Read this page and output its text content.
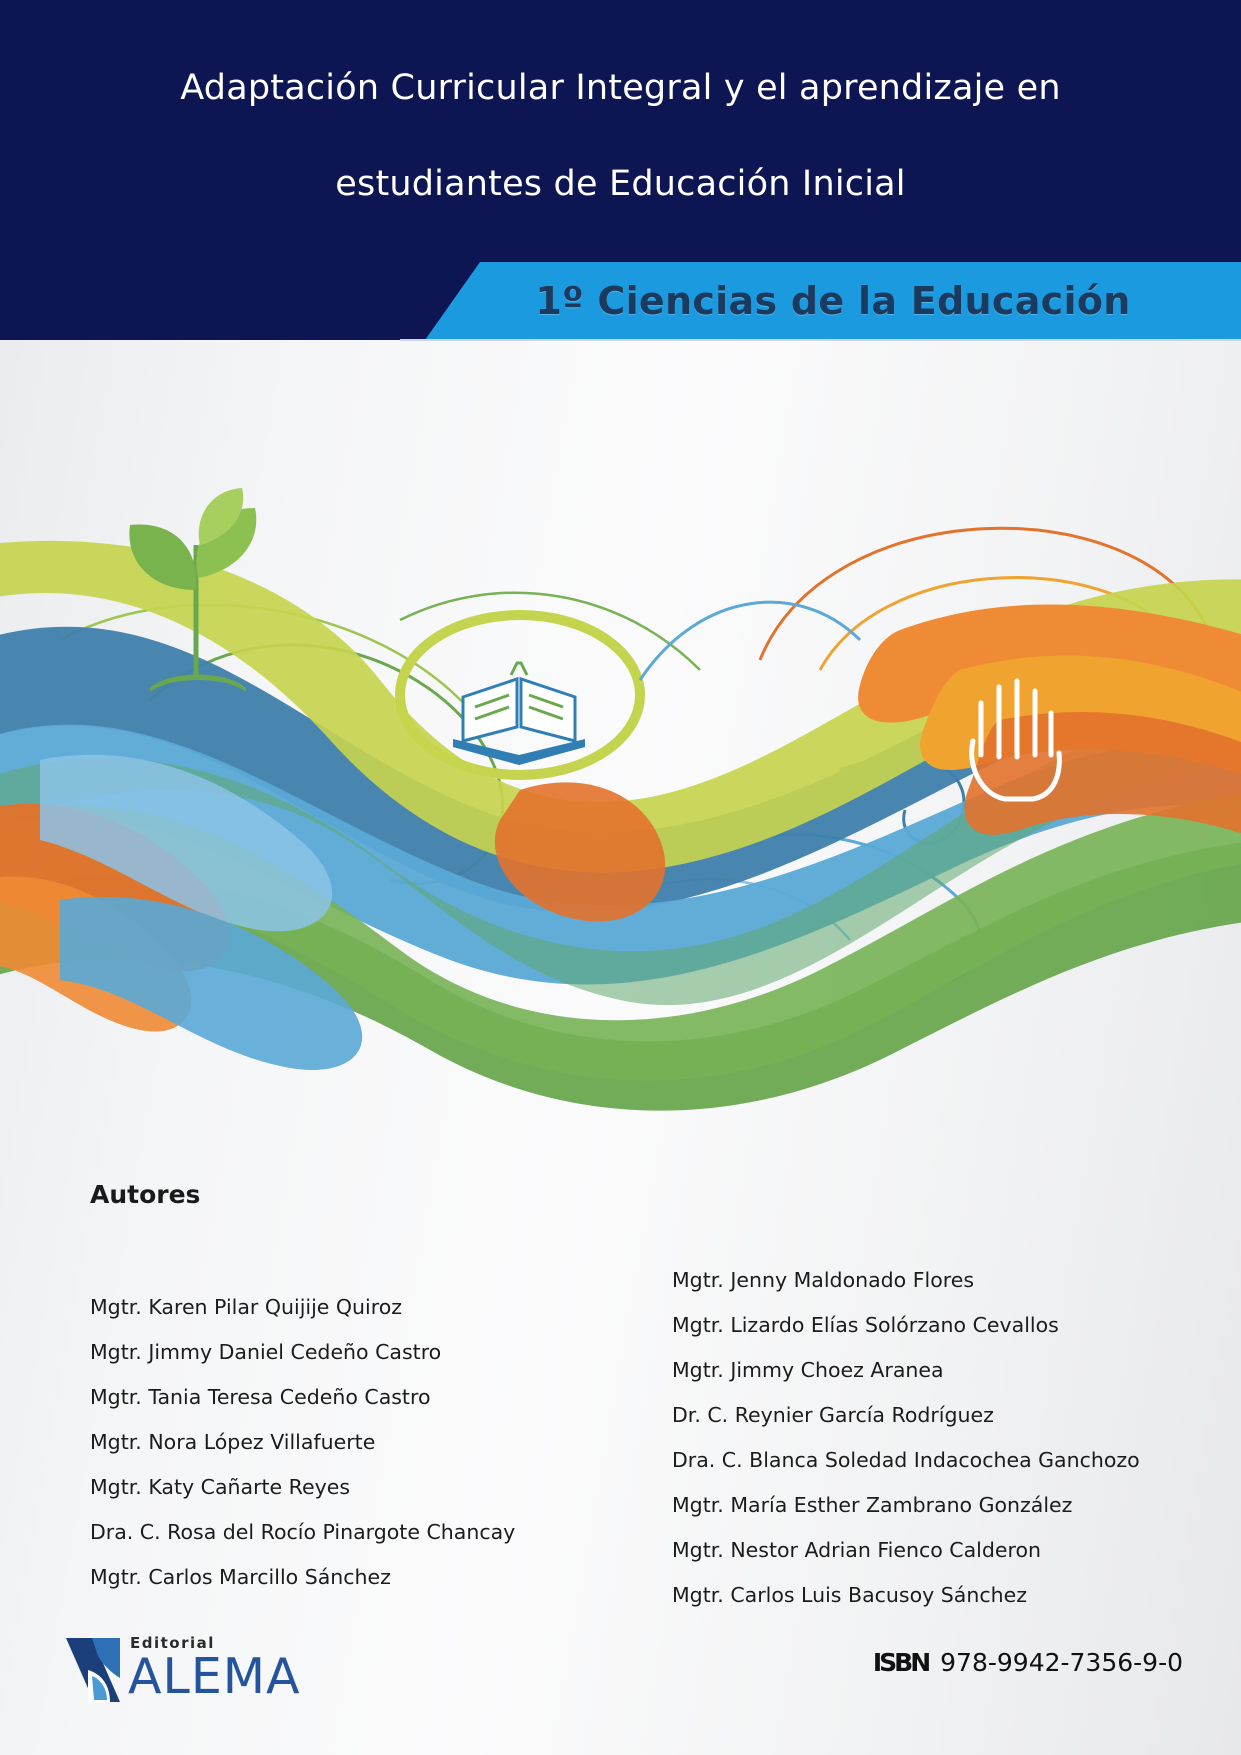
Adaptación Curricular Integral y el aprendizaje en
estudiantes de Educación Inicial
1º Ciencias de la Educación
Autores
Mgtr. Karen Pilar Quijije Quiroz
Mgtr. Jimmy Daniel Cedeño Castro
Mgtr. Tania Teresa Cedeño Castro
Mgtr. Nora López Villafuerte
Mgtr. Katy Cañarte Reyes
Dra. C. Rosa del Rocío Pinargote Chancay
Mgtr. Carlos Marcillo Sánchez
Mgtr. Jenny Maldonado Flores
Mgtr. Lizardo Elías Solórzano Cevallos
Mgtr. Jimmy Choez Aranea
Dr. C. Reynier García Rodríguez
Dra. C. Blanca Soledad Indacochea Ganchozo
Mgtr. María Esther Zambrano González
Mgtr. Nestor Adrian Fienco Calderon
Mgtr. Carlos Luis Bacusoy Sánchez
Editorial
ALEMA	ISBN 978-9942-7356-9-0
